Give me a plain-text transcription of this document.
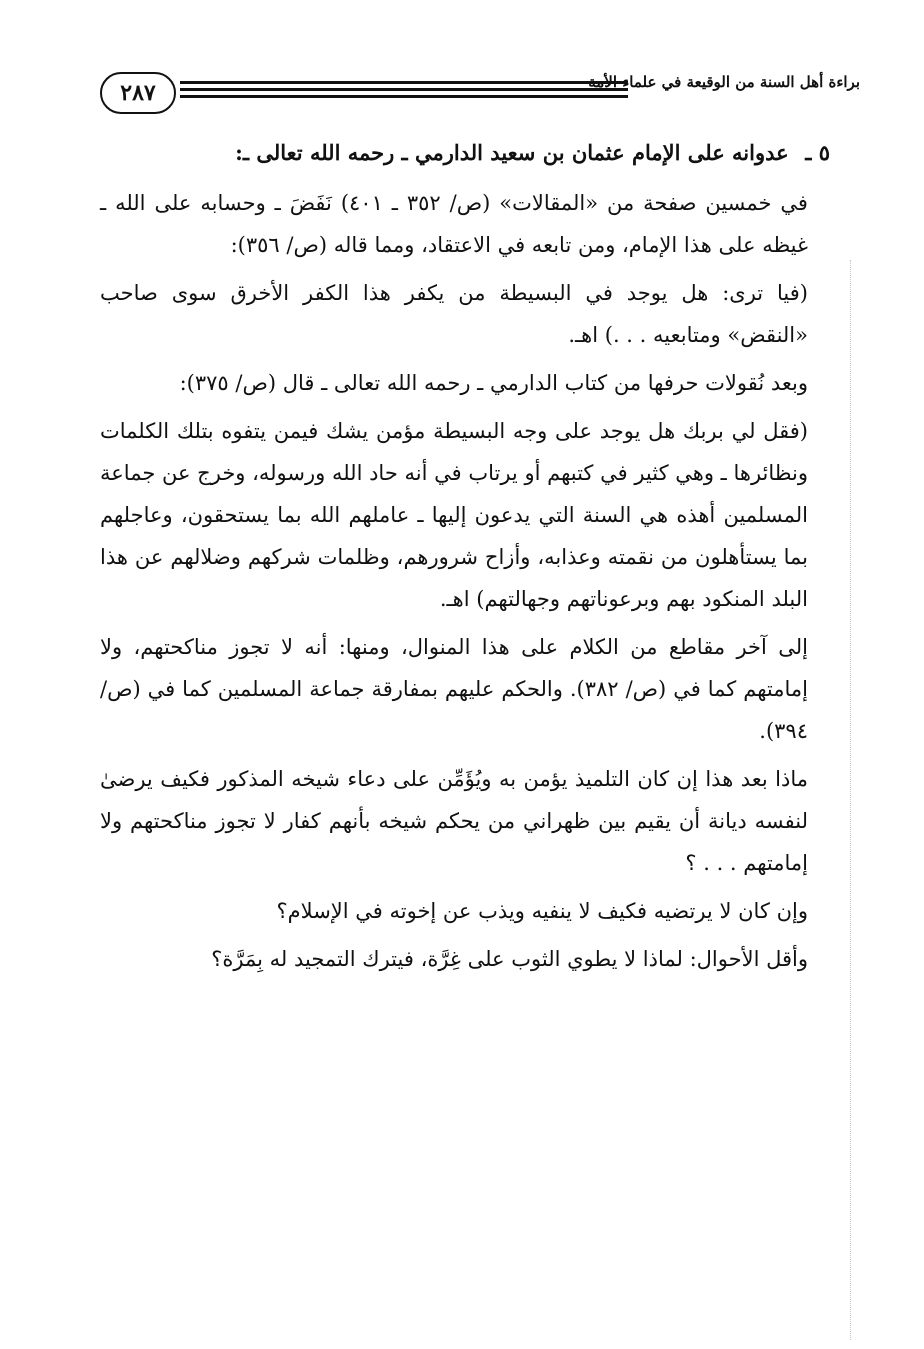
٢٨٧	براءة أهل السنة من الوقيعة في علماء الأمة

٥ ـ عدوانه على الإمام عثمان بن سعيد الدارمي ـ رحمه الله تعالى ـ:

في خمسين صفحة من «المقالات» (ص/ ٣٥٢ ـ ٤٠١) نَفَضَ ـ وحسابه على الله ـ غيظه على هذا الإمام، ومن تابعه في الاعتقاد، ومما قاله (ص/ ٣٥٦):

(فيا ترى: هل يوجد في البسيطة من يكفر هذا الكفر الأخرق سوى صاحب «النقض» ومتابعيه . . .) اهـ.

وبعد نُقولات حرفها من كتاب الدارمي ـ رحمه الله تعالى ـ قال (ص/ ٣٧٥):

(فقل لي بربك هل يوجد على وجه البسيطة مؤمن يشك فيمن يتفوه بتلك الكلمات ونظائرها ـ وهي كثير في كتبهم أو يرتاب في أنه حاد الله ورسوله، وخرج عن جماعة المسلمين أهذه هي السنة التي يدعون إليها ـ عاملهم الله بما يستحقون، وعاجلهم بما يستأهلون من نقمته وعذابه، وأزاح شرورهم، وظلمات شركهم وضلالهم عن هذا البلد المنكود بهم وبرعوناتهم وجهالتهم) اهـ.

إلى آخر مقاطع من الكلام على هذا المنوال، ومنها: أنه لا تجوز مناكحتهم، ولا إمامتهم كما في (ص/ ٣٨٢). والحكم عليهم بمفارقة جماعة المسلمين كما في (ص/ ٣٩٤).

ماذا بعد هذا إن كان التلميذ يؤمن به ويُؤَمِّن على دعاء شيخه المذكور فكيف يرضىٰ لنفسه ديانة أن يقيم بين ظهراني من يحكم شيخه بأنهم كفار لا تجوز مناكحتهم ولا إمامتهم . . . ؟

وإن كان لا يرتضيه فكيف لا ينفيه ويذب عن إخوته في الإسلام؟

وأقل الأحوال: لماذا لا يطوي الثوب على غِرَّة، فيترك التمجيد له بِمَرَّة؟
